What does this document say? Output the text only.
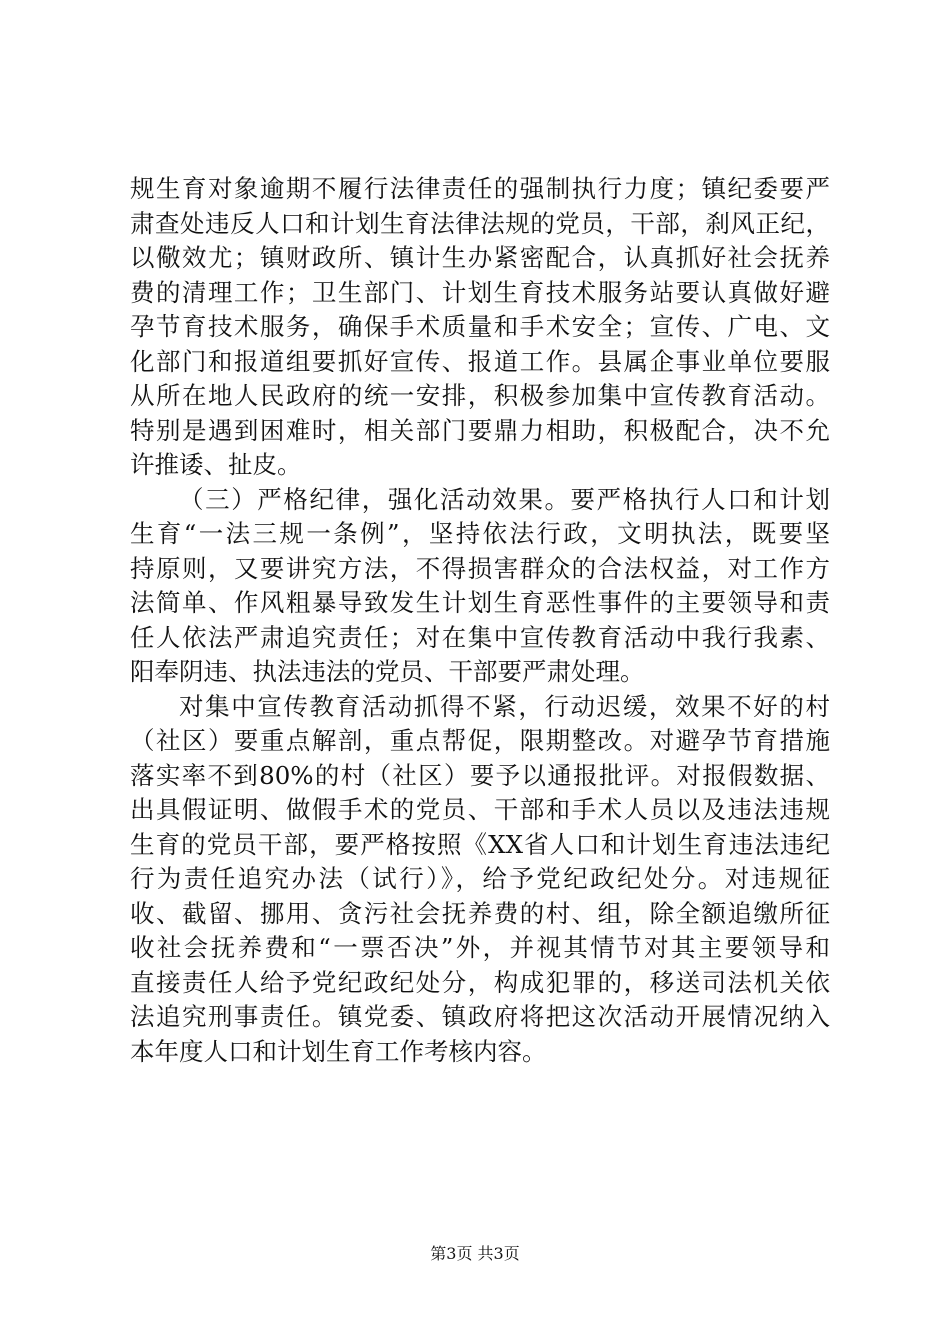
规生育对象逾期不履行法律责任的强制执行力度；镇纪委要严
肃查处违反人口和计划生育法律法规的党员，干部，刹风正纪，
以儆效尤；镇财政所、镇计生办紧密配合，认真抓好社会抚养
费的清理工作；卫生部门、计划生育技术服务站要认真做好避
孕节育技术服务，确保手术质量和手术安全；宣传、广电、文
化部门和报道组要抓好宣传、报道工作。县属企事业单位要服
从所在地人民政府的统一安排，积极参加集中宣传教育活动。
特别是遇到困难时，相关部门要鼎力相助，积极配合，决不允
许推诿、扯皮。
（三）严格纪律，强化活动效果。要严格执行人口和计划
生育“一法三规一条例”，坚持依法行政，文明执法，既要坚
持原则，又要讲究方法，不得损害群众的合法权益，对工作方
法简单、作风粗暴导致发生计划生育恶性事件的主要领导和责
任人依法严肃追究责任；对在集中宣传教育活动中我行我素、
阳奉阴违、执法违法的党员、干部要严肃处理。
对集中宣传教育活动抓得不紧，行动迟缓，效果不好的村
（社区）要重点解剖，重点帮促，限期整改。对避孕节育措施
落实率不到80%的村（社区）要予以通报批评。对报假数据、
出具假证明、做假手术的党员、干部和手术人员以及违法违规
生育的党员干部，要严格按照《XX省人口和计划生育违法违纪
行为责任追究办法（试行）》，给予党纪政纪处分。对违规征
收、截留、挪用、贪污社会抚养费的村、组，除全额追缴所征
收社会抚养费和“一票否决”外，并视其情节对其主要领导和
直接责任人给予党纪政纪处分，构成犯罪的，移送司法机关依
法追究刑事责任。镇党委、镇政府将把这次活动开展情况纳入
本年度人口和计划生育工作考核内容。
第3页 共3页
